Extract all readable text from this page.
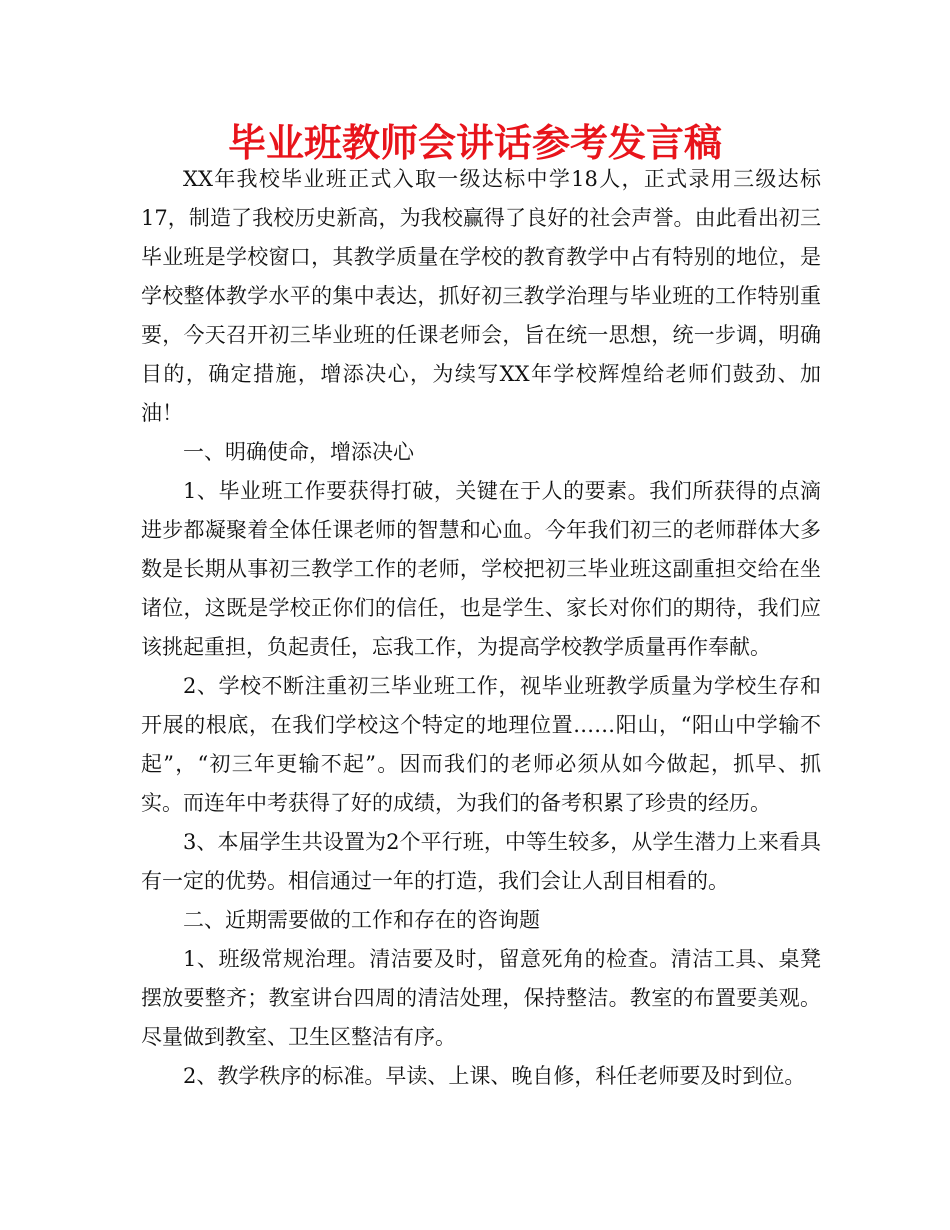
毕业班教师会讲话参考发言稿

XX年我校毕业班正式入取一级达标中学18人，正式录用三级达标17，制造了我校历史新高，为我校赢得了良好的社会声誉。由此看出初三毕业班是学校窗口，其教学质量在学校的教育教学中占有特别的地位，是学校整体教学水平的集中表达，抓好初三教学治理与毕业班的工作特别重要，今天召开初三毕业班的任课老师会，旨在统一思想，统一步调，明确目的，确定措施，增添决心，为续写XX年学校辉煌给老师们鼓劲、加油！

一、明确使命，增添决心

1、毕业班工作要获得打破，关键在于人的要素。我们所获得的点滴进步都凝聚着全体任课老师的智慧和心血。今年我们初三的老师群体大多数是长期从事初三教学工作的老师，学校把初三毕业班这副重担交给在坐诸位，这既是学校正你们的信任，也是学生、家长对你们的期待，我们应该挑起重担，负起责任，忘我工作，为提高学校教学质量再作奉献。

2、学校不断注重初三毕业班工作，视毕业班教学质量为学校生存和开展的根底，在我们学校这个特定的地理位置……阳山，“阳山中学输不起”，“初三年更输不起”。因而我们的老师必须从如今做起，抓早、抓实。而连年中考获得了好的成绩，为我们的备考积累了珍贵的经历。

3、本届学生共设置为2个平行班，中等生较多，从学生潜力上来看具有一定的优势。相信通过一年的打造，我们会让人刮目相看的。

二、近期需要做的工作和存在的咨询题

1、班级常规治理。清洁要及时，留意死角的检查。清洁工具、桌凳摆放要整齐；教室讲台四周的清洁处理，保持整洁。教室的布置要美观。尽量做到教室、卫生区整洁有序。

2、教学秩序的标准。早读、上课、晚自修，科任老师要及时到位。
